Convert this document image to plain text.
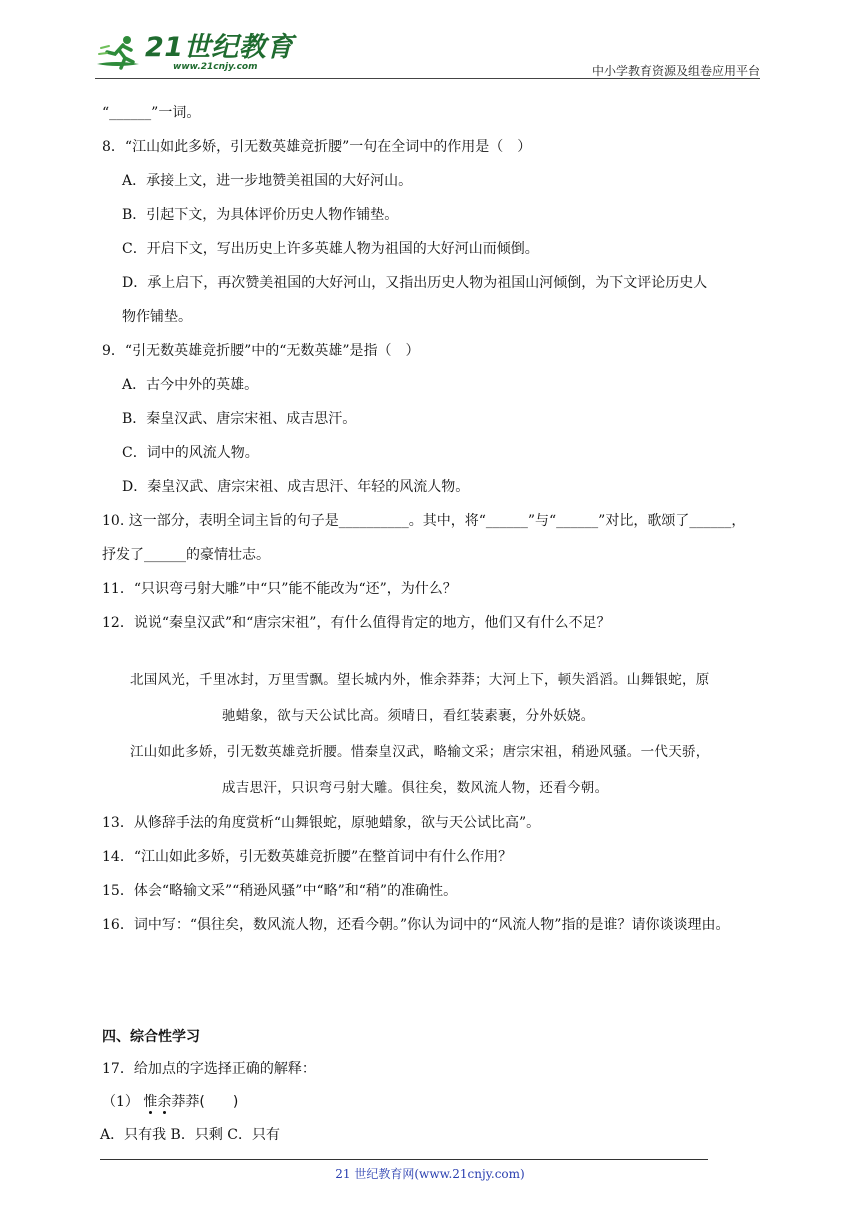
21世纪教育
www.21cnjy.com	中小学教育资源及组卷应用平台
“______”一词。
8．“江山如此多娇，引无数英雄竞折腰”一句在全词中的作用是（　）
A．承接上文，进一步地赞美祖国的大好河山。
B．引起下文，为具体评价历史人物作铺垫。
C．开启下文，写出历史上许多英雄人物为祖国的大好河山而倾倒。
D．承上启下，再次赞美祖国的大好河山，又指出历史人物为祖国山河倾倒，为下文评论历史人
物作铺垫。
9．“引无数英雄竞折腰”中的“无数英雄”是指（　）
A．古今中外的英雄。
B．秦皇汉武、唐宗宋祖、成吉思汗。
C．词中的风流人物。
D．秦皇汉武、唐宗宋祖、成吉思汗、年轻的风流人物。
10. 这一部分，表明全词主旨的句子是__________。其中，将“______”与“______”对比，歌颂了______，
抒发了______的豪情壮志。
11．“只识弯弓射大雕”中“只”能不能改为“还”，为什么？
12．说说“秦皇汉武”和“唐宗宋祖”，有什么值得肯定的地方，他们又有什么不足？
北国风光，千里冰封，万里雪飘。望长城内外，惟余莽莽；大河上下，顿失滔滔。山舞银蛇，原
驰蜡象，欲与天公试比高。须晴日，看红装素裹，分外妖娆。
江山如此多娇，引无数英雄竞折腰。惜秦皇汉武，略输文采；唐宗宋祖，稍逊风骚。一代天骄，
成吉思汗，只识弯弓射大雕。俱往矣，数风流人物，还看今朝。
13．从修辞手法的角度赏析“山舞银蛇，原驰蜡象，欲与天公试比高”。
14．“江山如此多娇，引无数英雄竞折腰”在整首词中有什么作用？
15．体会“略输文采”“稍逊风骚”中“略”和“稍”的准确性。
16．词中写：“俱往矣，数风流人物，还看今朝。”你认为词中的“风流人物”指的是谁？请你谈谈理由。
四、综合性学习
17．给加点的字选择正确的解释：
（1） 惟余莽莽(　　)
A．只有我 B．只剩 C．只有
21 世纪教育网(www.21cnjy.com)
